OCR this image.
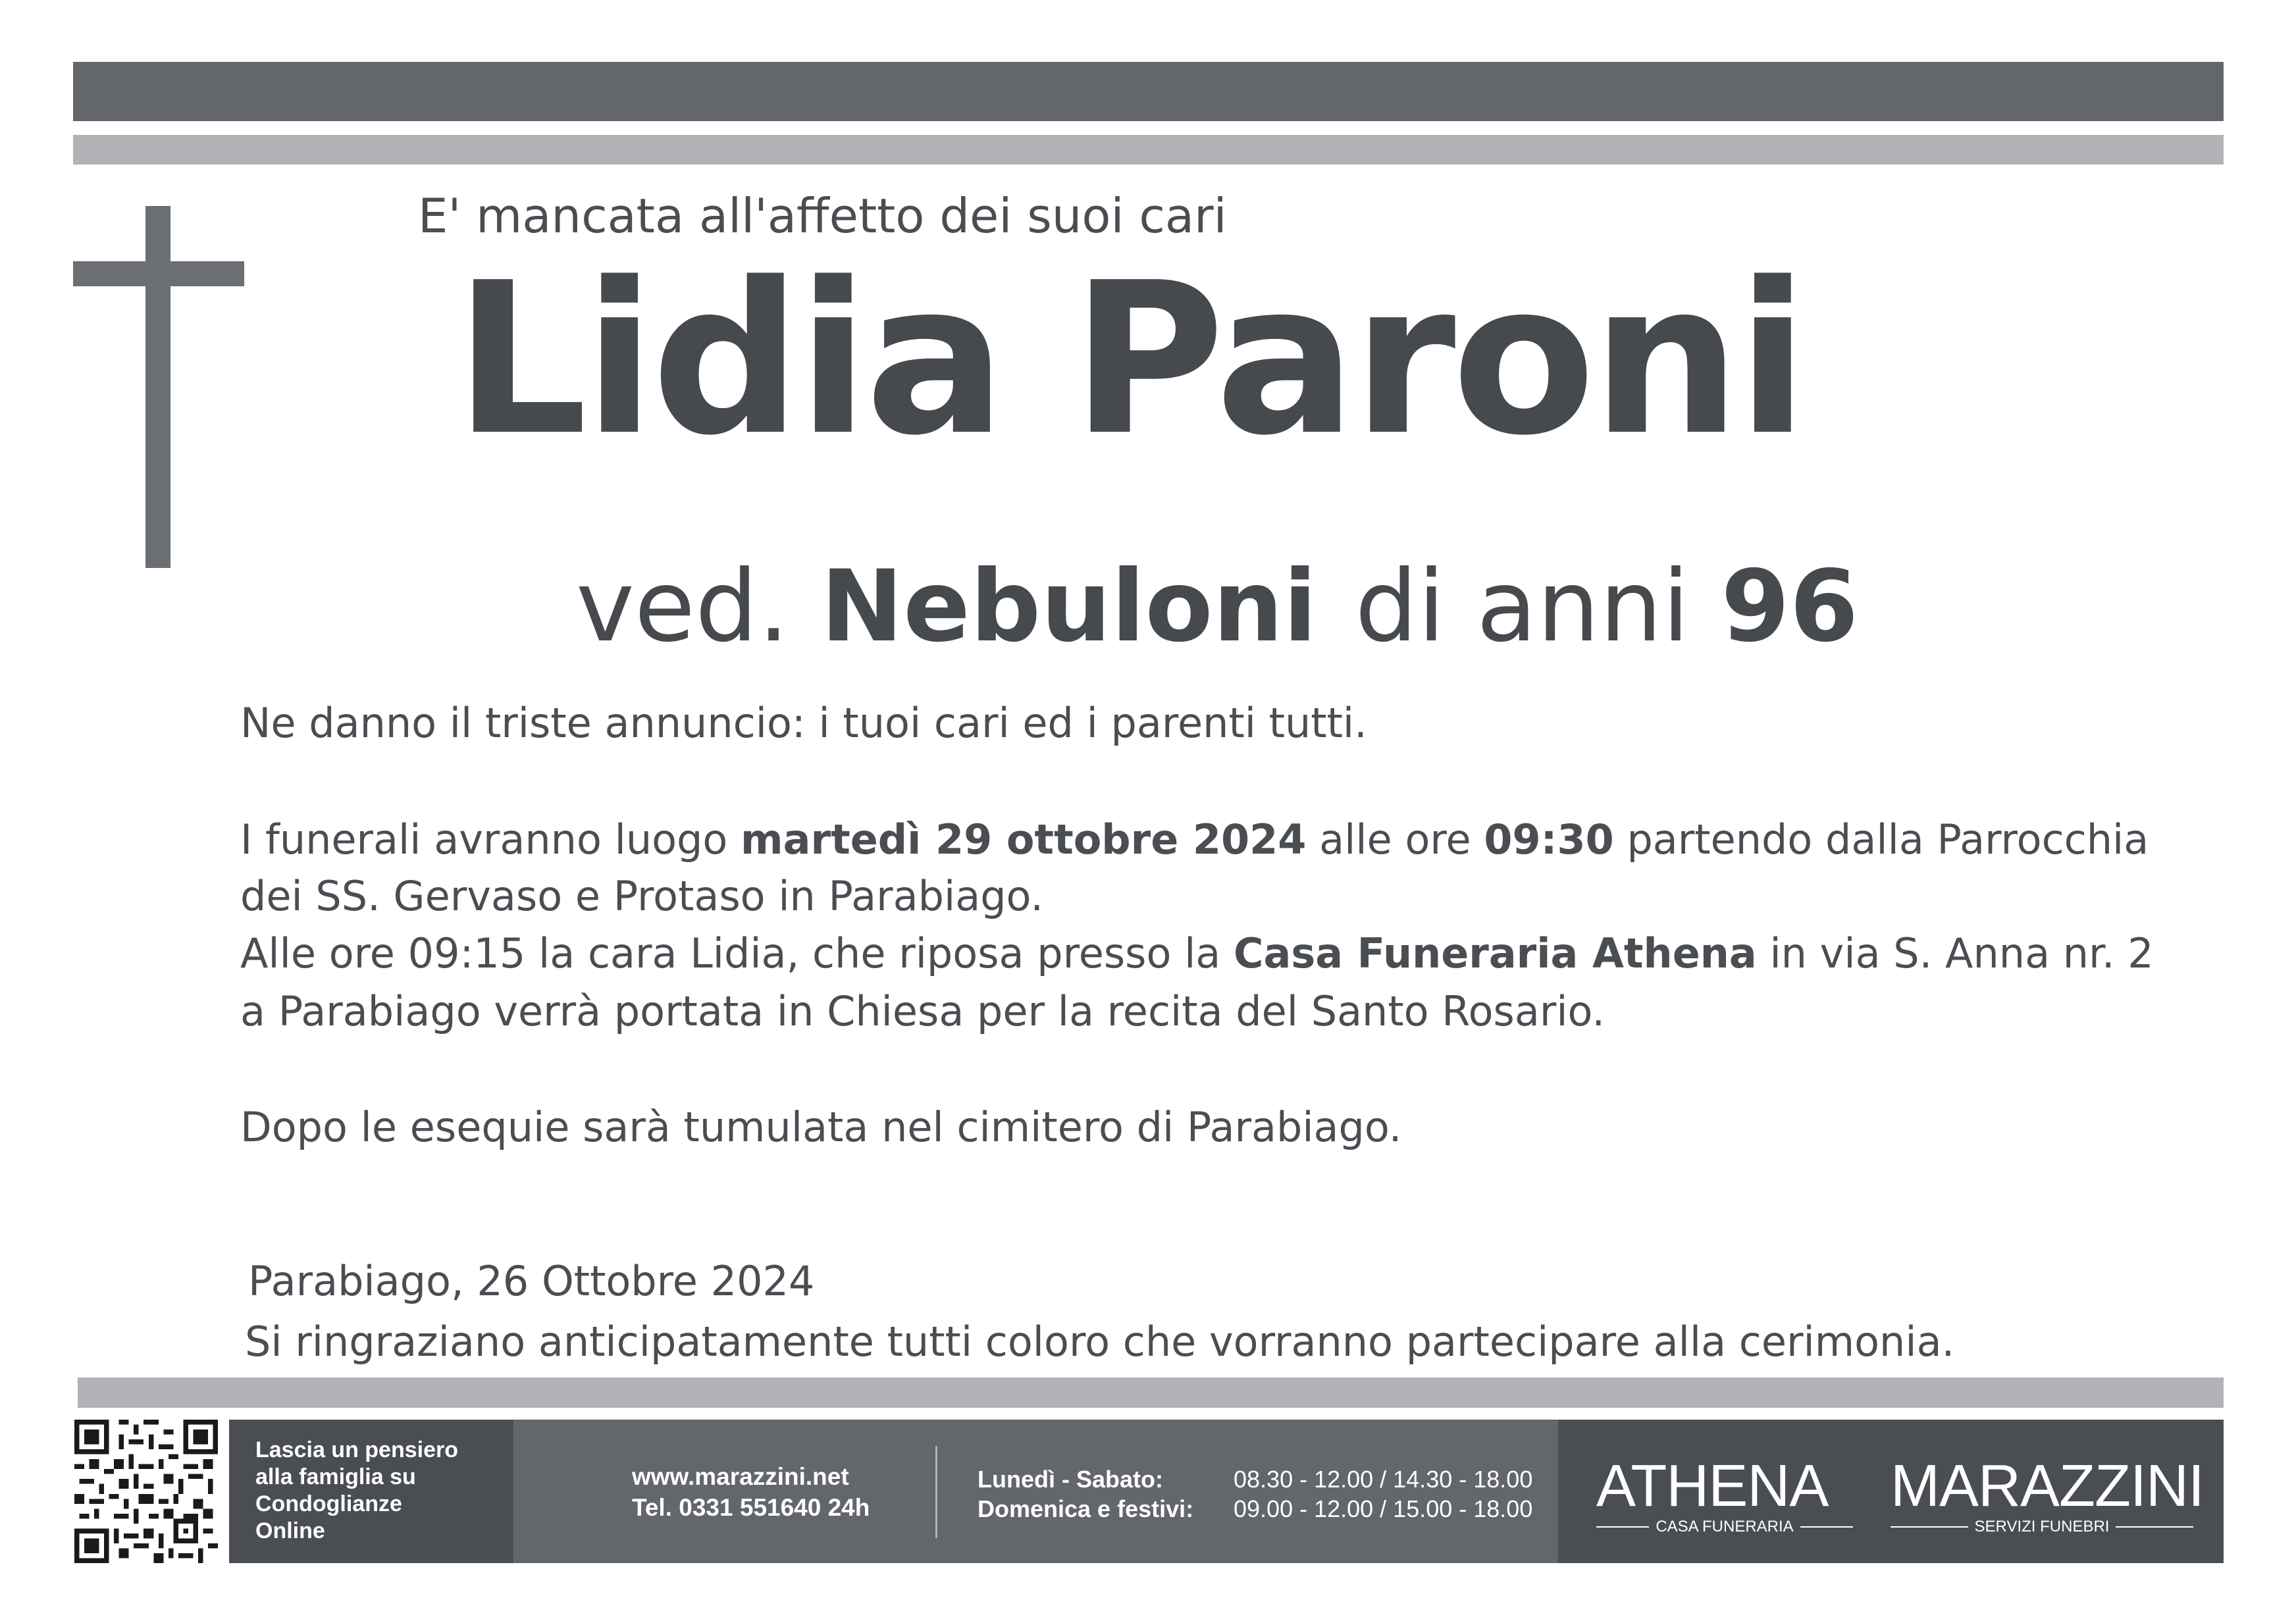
E' mancata all'affetto dei suoi cari
Lidia Paroni
ved. Nebuloni di anni 96
Ne danno il triste annuncio: i tuoi cari ed i parenti tutti.
I funerali avranno luogo martedì 29 ottobre 2024 alle ore 09:30 partendo dalla Parrocchia
dei SS. Gervaso e Protaso in Parabiago.
Alle ore 09:15 la cara Lidia, che riposa presso la Casa Funeraria Athena in via S. Anna nr. 2
a Parabiago verrà portata in Chiesa per la recita del Santo Rosario.
Dopo le esequie sarà tumulata nel cimitero di Parabiago.
Parabiago, 26 Ottobre 2024
Si ringraziano anticipatamente tutti coloro che vorranno partecipare alla cerimonia.
Lascia un pensiero
alla famiglia su
Condoglianze
Online
www.marazzini.net
Tel. 0331 551640 24h
Lunedì - Sabato:
Domenica e festivi:
08.30 - 12.00 / 14.30 - 18.00
09.00 - 12.00 / 15.00 - 18.00 ATHENA
CASA FUNERARIA
MARAZZINI
SERVIZI FUNEBRI
